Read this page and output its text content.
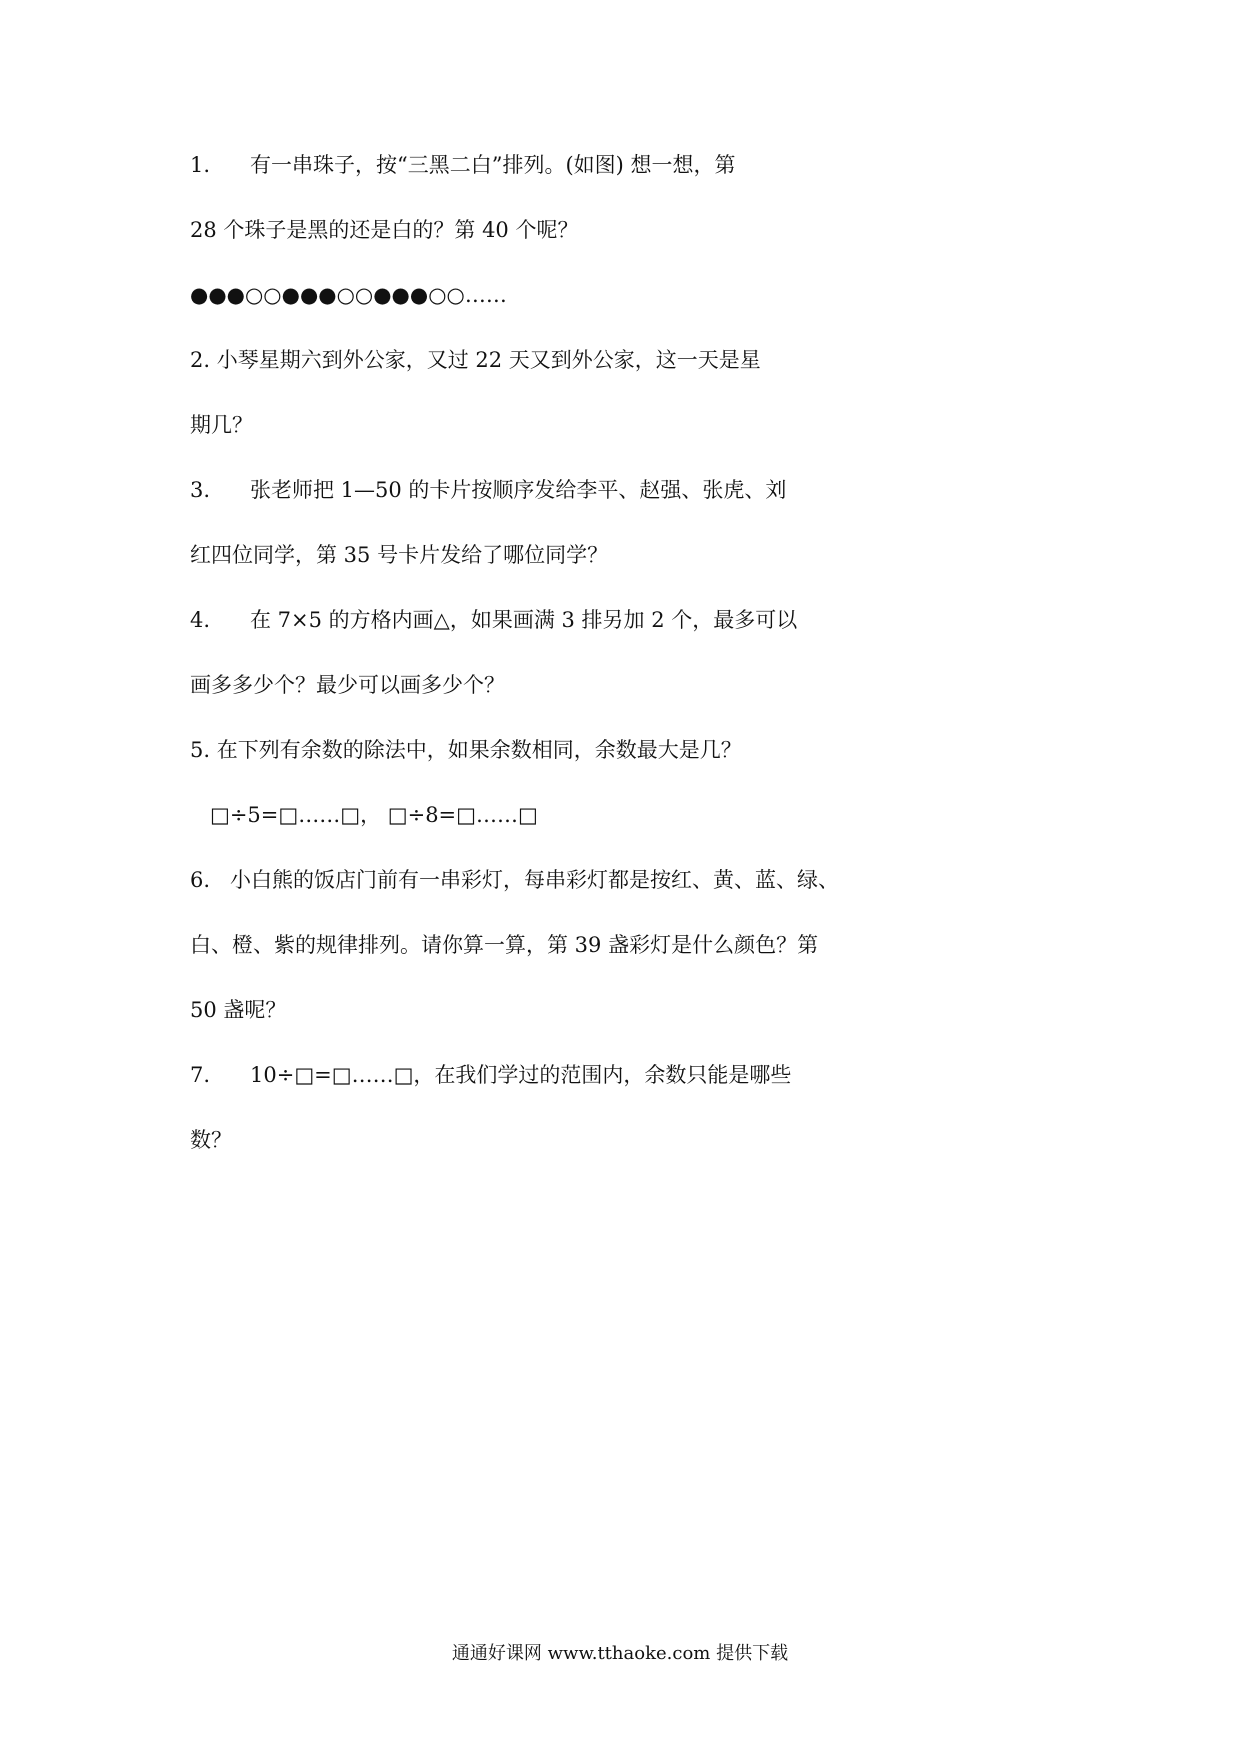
1. 有一串珠子，按“三黑二白”排列。(如图) 想一想，第
28 个珠子是黑的还是白的？第 40 个呢？
●●●○○●●●○○●●●○○……
2. 小琴星期六到外公家，又过 22 天又到外公家，这一天是星
期几？
3. 张老师把 1—50 的卡片按顺序发给李平、赵强、张虎、刘
红四位同学，第 35 号卡片发给了哪位同学？
4. 在 7×5 的方格内画△，如果画满 3 排另加 2 个，最多可以
画多多少个？最少可以画多少个？
5. 在下列有余数的除法中，如果余数相同，余数最大是几？
□÷5=□……□， □÷8=□……□
6. 小白熊的饭店门前有一串彩灯，每串彩灯都是按红、黄、蓝、绿、
白、橙、紫的规律排列。请你算一算，第 39 盏彩灯是什么颜色？第
50 盏呢？
7. 10÷□=□……□，在我们学过的范围内，余数只能是哪些
数？
通通好课网 www.tthaoke.com 提供下载
